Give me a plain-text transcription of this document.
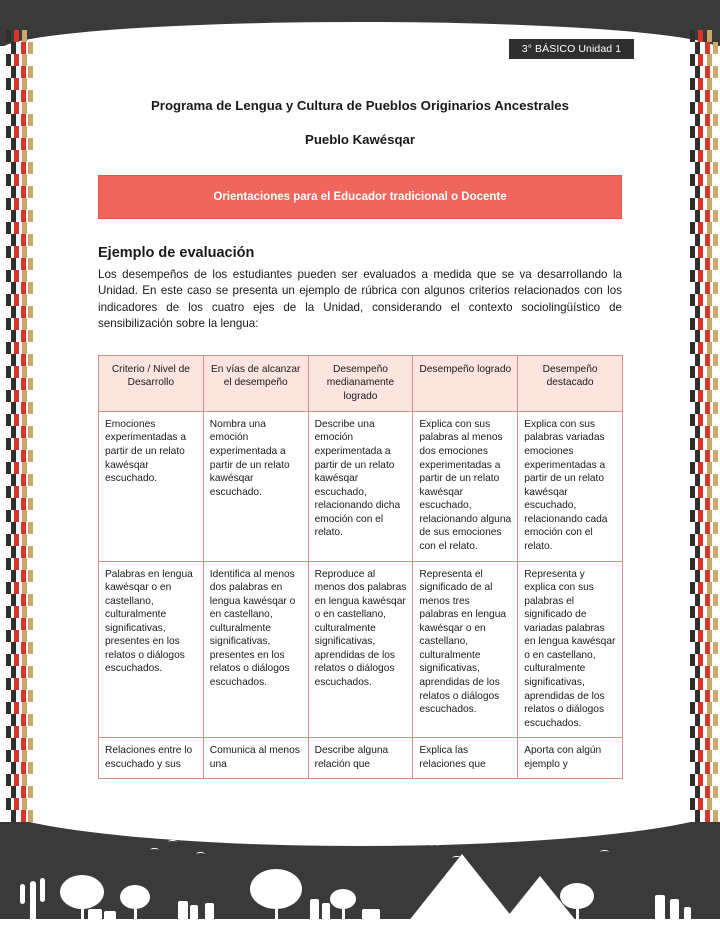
3° BÁSICO Unidad 1
Programa de Lengua y Cultura de Pueblos Originarios Ancestrales
Pueblo Kawésqar
Orientaciones para el Educador tradicional o Docente
Ejemplo de evaluación
Los desempeños de los estudiantes pueden ser evaluados a medida que se va desarrollando la Unidad. En este caso se presenta un ejemplo de rúbrica con algunos criterios relacionados con los indicadores de los cuatro ejes de la Unidad, considerando el contexto sociolingüístico de sensibilización sobre la lengua:
Criterio / Nivel de Desarrollo	En vías de alcanzar el desempeño	Desempeño medianamente logrado	Desempeño logrado	Desempeño destacado
Emociones experimentadas a partir de un relato kawésqar escuchado.	Nombra una emoción experimentada a partir de un relato kawésqar escuchado.	Describe una emoción experimentada a partir de un relato kawésqar escuchado, relacionando dicha emoción con el relato.	Explica con sus palabras al menos dos emociones experimentadas a partir de un relato kawésqar escuchado, relacionando alguna de sus emociones con el relato.	Explica con sus palabras variadas emociones experimentadas a partir de un relato kawésqar escuchado, relacionando cada emoción con el relato.
Palabras en lengua kawésqar o en castellano, culturalmente significativas, presentes en los relatos o diálogos escuchados.	Identifica al menos dos palabras en lengua kawésqar o en castellano, culturalmente significativas, presentes en los relatos o diálogos escuchados.	Reproduce al menos dos palabras en lengua kawésqar o en castellano, culturalmente significativas, aprendidas de los relatos o diálogos escuchados.	Representa el significado de al menos tres palabras en lengua kawésqar o en castellano, culturalmente significativas, aprendidas de los relatos o diálogos escuchados.	Representa y explica con sus palabras el significado de variadas palabras en lengua kawésqar o en castellano, culturalmente significativas, aprendidas de los relatos o diálogos escuchados.
Relaciones entre lo escuchado y sus	Comunica al menos una	Describe alguna relación que	Explica las relaciones que	Aporta con algún ejemplo y
